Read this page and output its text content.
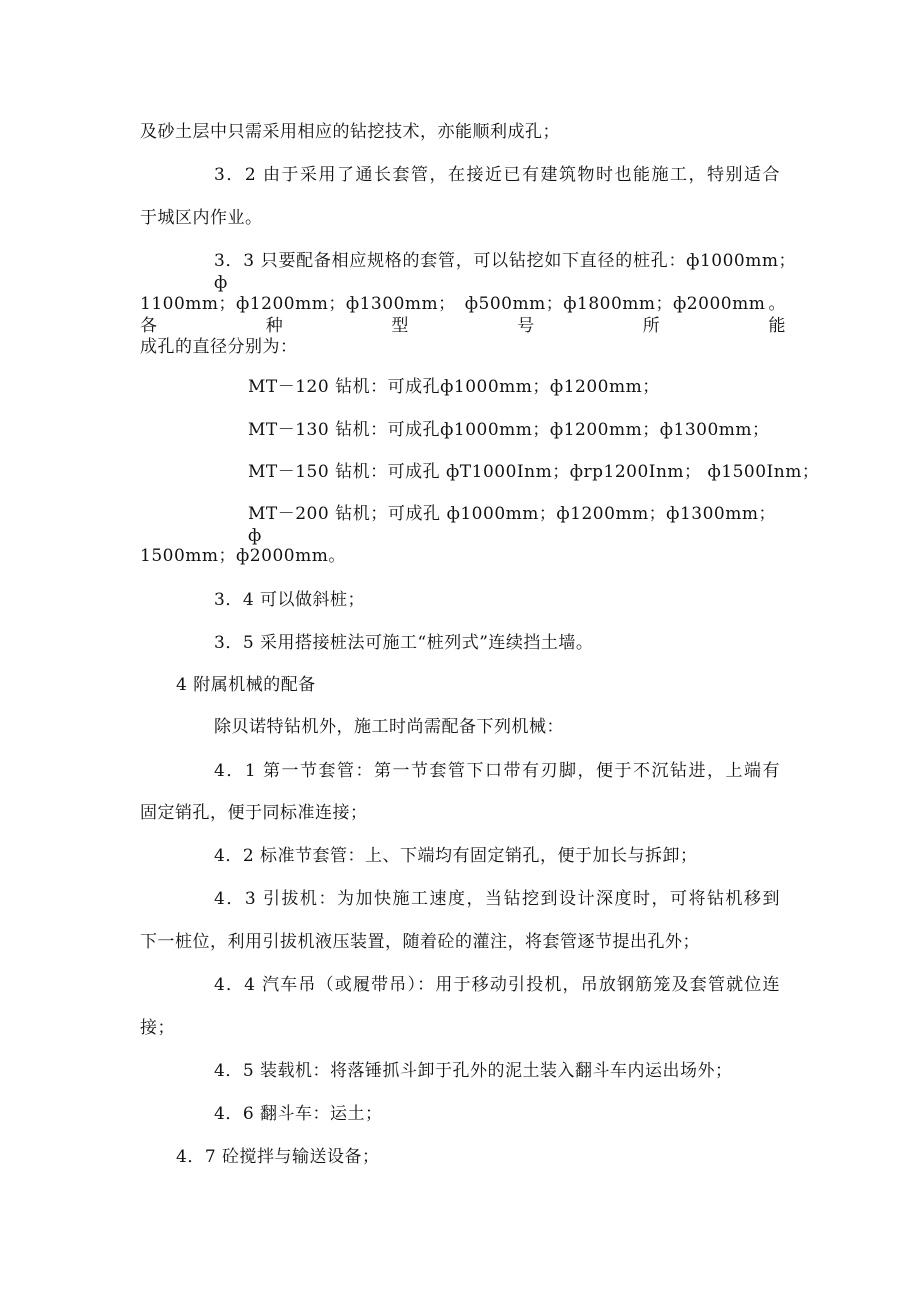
及砂土层中只需采用相应的钻挖技术，亦能顺利成孔；
3．2 由于采用了通长套管，在接近已有建筑物时也能施工，特别适合
于城区内作业。
3．3 只要配备相应规格的套管，可以钻挖如下直径的桩孔：ф1000mm；ф
1100mm；ф1200mm；ф1300mm； ф500mm；ф1800mm；ф2000mm。各种型号所能
成孔的直径分别为：
MT－120 钻机：可成孔ф1000mm；ф1200mm；
MT－130 钻机：可成孔ф1000mm；ф1200mm；ф1300mm；
MT－150 钻机：可成孔 фT1000Inm；фrp1200Inm； ф1500Inm；
MT－200 钻机；可成孔 ф1000mm；ф1200mm；ф1300mm；ф
1500mm；ф2000mm。
3．4 可以做斜桩；
3．5 采用搭接桩法可施工“桩列式”连续挡土墙。
4 附属机械的配备
除贝诺特钻机外，施工时尚需配备下列机械：
4．1 第一节套管：第一节套管下口带有刃脚，便于不沉钻进，上端有
固定销孔，便于同标准连接；
4．2 标准节套管：上、下端均有固定销孔，便于加长与拆卸；
4．3 引拔机：为加快施工速度，当钻挖到设计深度时，可将钻机移到
下一桩位，利用引拔机液压装置，随着砼的灌注，将套管逐节提出孔外；
4．4 汽车吊（或履带吊）：用于移动引投机，吊放钢筋笼及套管就位连
接；
4．5 装载机：将落锤抓斗卸于孔外的泥土装入翻斗车内运出场外；
4．6 翻斗车：运土；
4．7 砼搅拌与输送设备；
